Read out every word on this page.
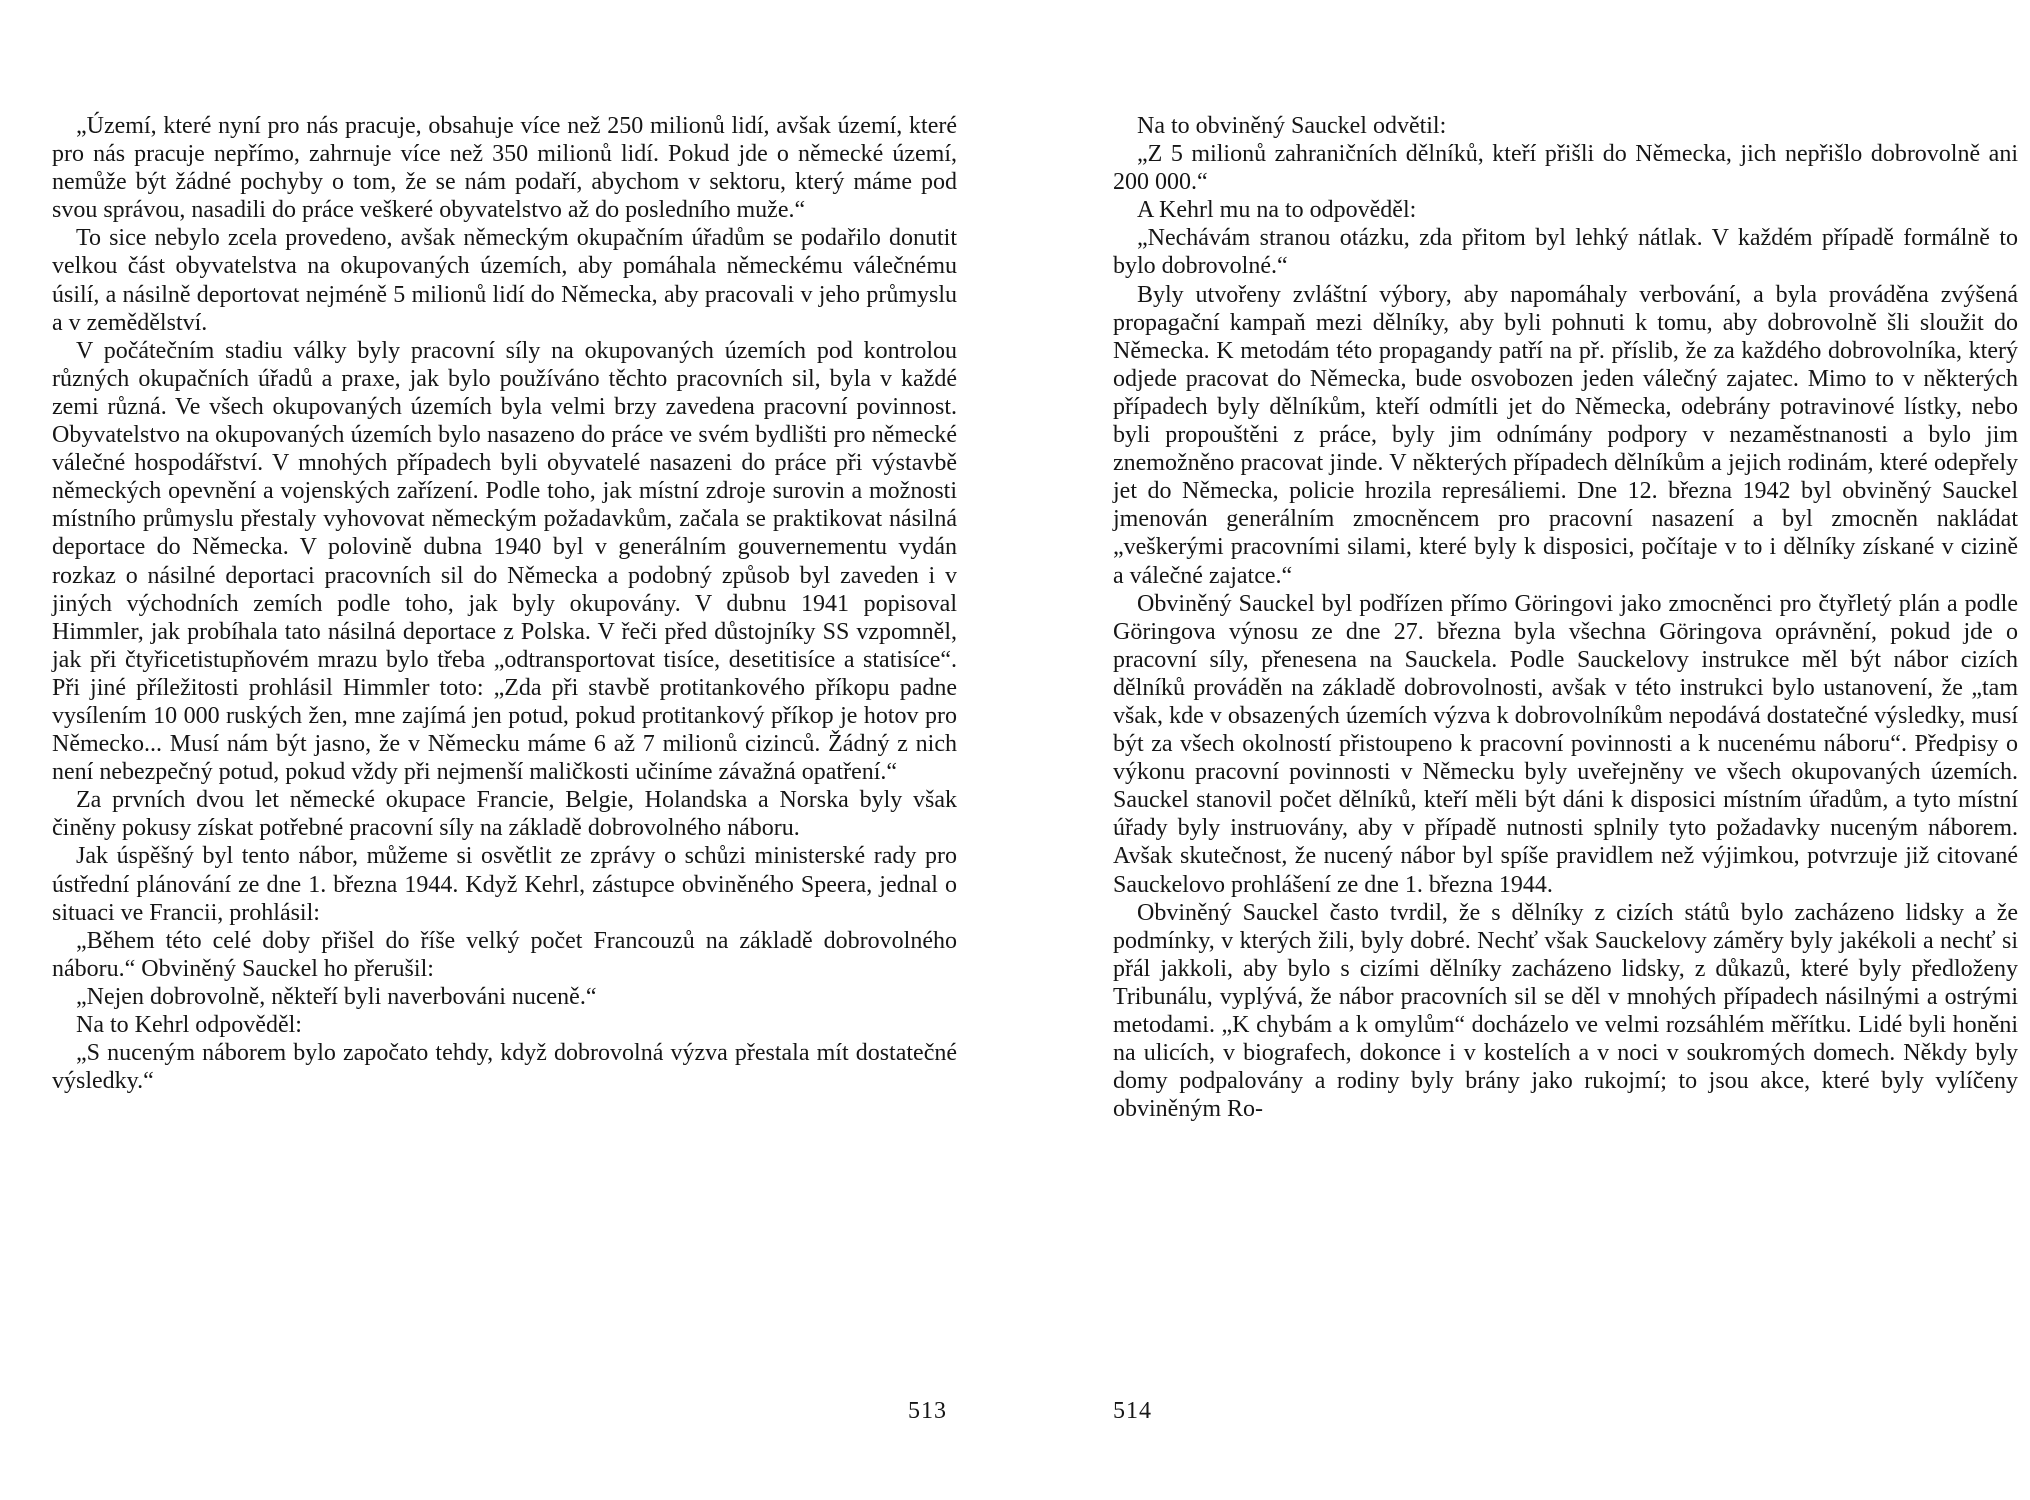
„Území, které nyní pro nás pracuje, obsahuje více než 250 milionů lidí, avšak území, které pro nás pracuje nepřímo, zahrnuje více než 350 milionů lidí. Pokud jde o německé území, nemůže být žádné pochyby o tom, že se nám podaří, abychom v sektoru, který máme pod svou správou, nasadili do práce veškeré obyvatelstvo až do posledního muže.“

To sice nebylo zcela provedeno, avšak německým okupačním úřadům se podařilo donutit velkou část obyvatelstva na okupovaných územích, aby pomáhala německému válečnému úsilí, a násilně deportovat nejméně 5 milionů lidí do Německa, aby pracovali v jeho průmyslu a v zemědělství.

V počátečním stadiu války byly pracovní síly na okupovaných územích pod kontrolou různých okupačních úřadů a praxe, jak bylo používáno těchto pracovních sil, byla v každé zemi různá. Ve všech okupovaných územích byla velmi brzy zavedena pracovní povinnost. Obyvatelstvo na okupovaných územích bylo nasazeno do práce ve svém bydlišti pro německé válečné hospodářství. V mnohých případech byli obyvatelé nasazeni do práce při výstavbě německých opevnění a vojenských zařízení. Podle toho, jak místní zdroje surovin a možnosti místního průmyslu přestaly vyhovovat německým požadavkům, začala se praktikovat násilná deportace do Německa. V polovině dubna 1940 byl v generálním gouvernementu vydán rozkaz o násilné deportaci pracovních sil do Německa a podobný způsob byl zaveden i v jiných východních zemích podle toho, jak byly okupovány. V dubnu 1941 popisoval Himmler, jak probíhala tato násilná deportace z Polska. V řeči před důstojníky SS vzpomněl, jak při čtyřicetistupňovém mrazu bylo třeba „odtransportovat tisíce, desetitisíce a statisíce“. Při jiné příležitosti prohlásil Himmler toto: „Zda při stavbě protitankového příkopu padne vysílením 10 000 ruských žen, mne zajímá jen potud, pokud protitankový příkop je hotov pro Německo... Musí nám být jasno, že v Německu máme 6 až 7 milionů cizinců. Žádný z nich není nebezpečný potud, pokud vždy při nejmenší maličkosti učiníme závažná opatření.“

Za prvních dvou let německé okupace Francie, Belgie, Holandska a Norska byly však činěny pokusy získat potřebné pracovní síly na základě dobrovolného náboru.

Jak úspěšný byl tento nábor, můžeme si osvětlit ze zprávy o schůzi ministerské rady pro ústřední plánování ze dne 1. března 1944. Když Kehrl, zástupce obviněného Speera, jednal o situaci ve Francii, prohlásil:

„Během této celé doby přišel do říše velký počet Francouzů na základě dobrovolného náboru.“ Obviněný Sauckel ho přerušil:

„Nejen dobrovolně, někteří byli naverbováni nuceně.“

Na to Kehrl odpověděl:

„S nuceným náborem bylo započato tehdy, když dobrovolná výzva přestala mít dostatečné výsledky.“

513

Na to obviněný Sauckel odvětil:

„Z 5 milionů zahraničních dělníků, kteří přišli do Německa, jich nepřišlo dobrovolně ani 200 000.“

A Kehrl mu na to odpověděl:

„Nechávám stranou otázku, zda přitom byl lehký nátlak. V každém případě formálně to bylo dobrovolné.“

Byly utvořeny zvláštní výbory, aby napomáhaly verbování, a byla prováděna zvýšená propagační kampaň mezi dělníky, aby byli pohnuti k tomu, aby dobrovolně šli sloužit do Německa. K metodám této propagandy patří na př. příslib, že za každého dobrovolníka, který odjede pracovat do Německa, bude osvobozen jeden válečný zajatec. Mimo to v některých případech byly dělníkům, kteří odmítli jet do Německa, odebrány potravinové lístky, nebo byli propouštěni z práce, byly jim odnímány podpory v nezaměstnanosti a bylo jim znemožněno pracovat jinde. V některých případech dělníkům a jejich rodinám, které odepřely jet do Německa, policie hrozila represáliemi. Dne 12. března 1942 byl obviněný Sauckel jmenován generálním zmocněncem pro pracovní nasazení a byl zmocněn nakládat „veškerými pracovními silami, které byly k disposici, počítaje v to i dělníky získané v cizině a válečné zajatce.“

Obviněný Sauckel byl podřízen přímo Göringovi jako zmocněnci pro čtyřletý plán a podle Göringova výnosu ze dne 27. března byla všechna Göringova oprávnění, pokud jde o pracovní síly, přenesena na Sauckela. Podle Sauckelovy instrukce měl být nábor cizích dělníků prováděn na základě dobrovolnosti, avšak v této instrukci bylo ustanovení, že „tam však, kde v obsazených územích výzva k dobrovolníkům nepodává dostatečné výsledky, musí být za všech okolností přistoupeno k pracovní povinnosti a k nucenému náboru“. Předpisy o výkonu pracovní povinnosti v Německu byly uveřejněny ve všech okupovaných územích. Sauckel stanovil počet dělníků, kteří měli být dáni k disposici místním úřadům, a tyto místní úřady byly instruovány, aby v případě nutnosti splnily tyto požadavky nuceným náborem. Avšak skutečnost, že nucený nábor byl spíše pravidlem než výjimkou, potvrzuje již citované Sauckelovo prohlášení ze dne 1. března 1944.

Obviněný Sauckel často tvrdil, že s dělníky z cizích států bylo zacházeno lidsky a že podmínky, v kterých žili, byly dobré. Nechť však Sauckelovy záměry byly jakékoli a nechť si přál jakkoli, aby bylo s cizími dělníky zacházeno lidsky, z důkazů, které byly předloženy Tribunálu, vyplývá, že nábor pracovních sil se děl v mnohých případech násilnými a ostrými metodami. „K chybám a k omylům“ docházelo ve velmi rozsáhlém měřítku. Lidé byli honěni na ulicích, v biografech, dokonce i v kostelích a v noci v soukromých domech. Někdy byly domy podpalovány a rodiny byly brány jako rukojmí; to jsou akce, které byly vylíčeny obviněným Ro-

514
